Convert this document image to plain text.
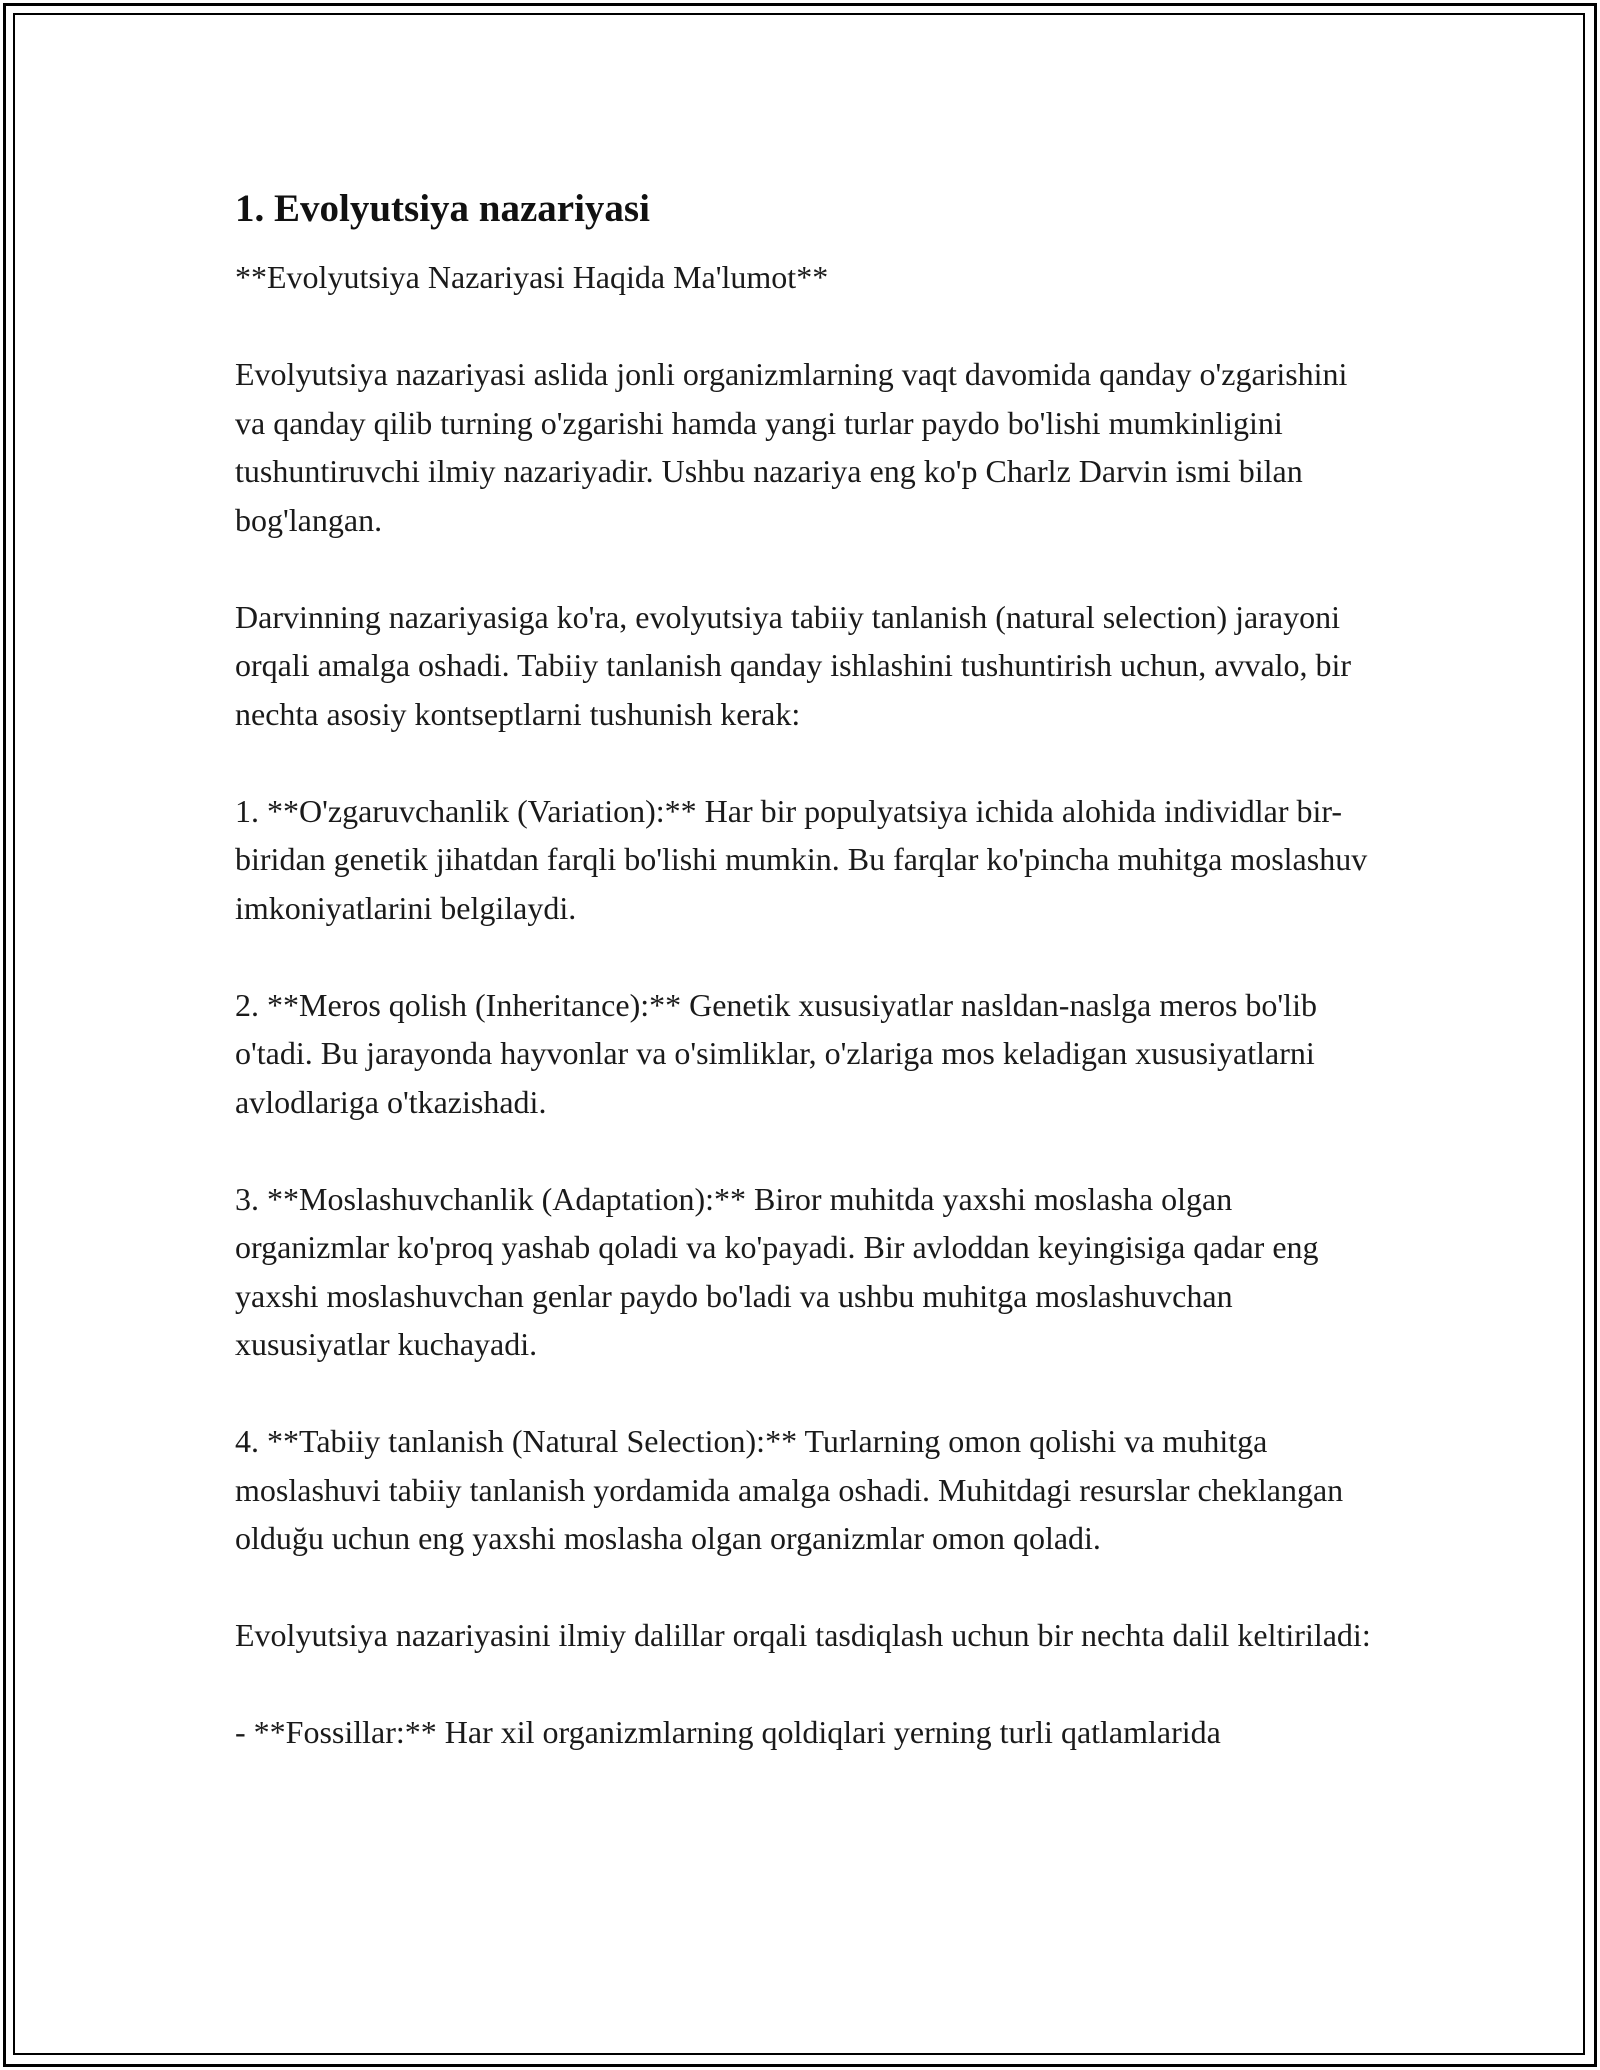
1. Evolyutsiya nazariyasi
**Evolyutsiya Nazariyasi Haqida Ma'lumot**
Evolyutsiya nazariyasi aslida jonli organizmlarning vaqt davomida qanday o'zgarishini va qanday qilib turning o'zgarishi hamda yangi turlar paydo bo'lishi mumkinligini tushuntiruvchi ilmiy nazariyadir. Ushbu nazariya eng ko'p Charlz Darvin ismi bilan bog'langan.
Darvinning nazariyasiga ko'ra, evolyutsiya tabiiy tanlanish (natural selection) jarayoni orqali amalga oshadi. Tabiiy tanlanish qanday ishlashini tushuntirish uchun, avvalo, bir nechta asosiy kontseptlarni tushunish kerak:
1. **O'zgaruvchanlik (Variation):** Har bir populyatsiya ichida alohida individlar bir-biridan genetik jihatdan farqli bo'lishi mumkin. Bu farqlar ko'pincha muhitga moslashuv imkoniyatlarini belgilaydi.
2. **Meros qolish (Inheritance):** Genetik xususiyatlar nasldan-naslga meros bo'lib o'tadi. Bu jarayonda hayvonlar va o'simliklar, o'zlariga mos keladigan xususiyatlarni avlodlariga o'tkazishadi.
3. **Moslashuvchanlik (Adaptation):** Biror muhitda yaxshi moslasha olgan organizmlar ko'proq yashab qoladi va ko'payadi. Bir avloddan keyingisiga qadar eng yaxshi moslashuvchan genlar paydo bo'ladi va ushbu muhitga moslashuvchan xususiyatlar kuchayadi.
4. **Tabiiy tanlanish (Natural Selection):** Turlarning omon qolishi va muhitga moslashuvi tabiiy tanlanish yordamida amalga oshadi. Muhitdagi resurslar cheklangan olduğu uchun eng yaxshi moslasha olgan organizmlar omon qoladi.
Evolyutsiya nazariyasini ilmiy dalillar orqali tasdiqlash uchun bir nechta dalil keltiriladi:
- **Fossillar:** Har xil organizmlarning qoldiqlari yerning turli qatlamlarida
